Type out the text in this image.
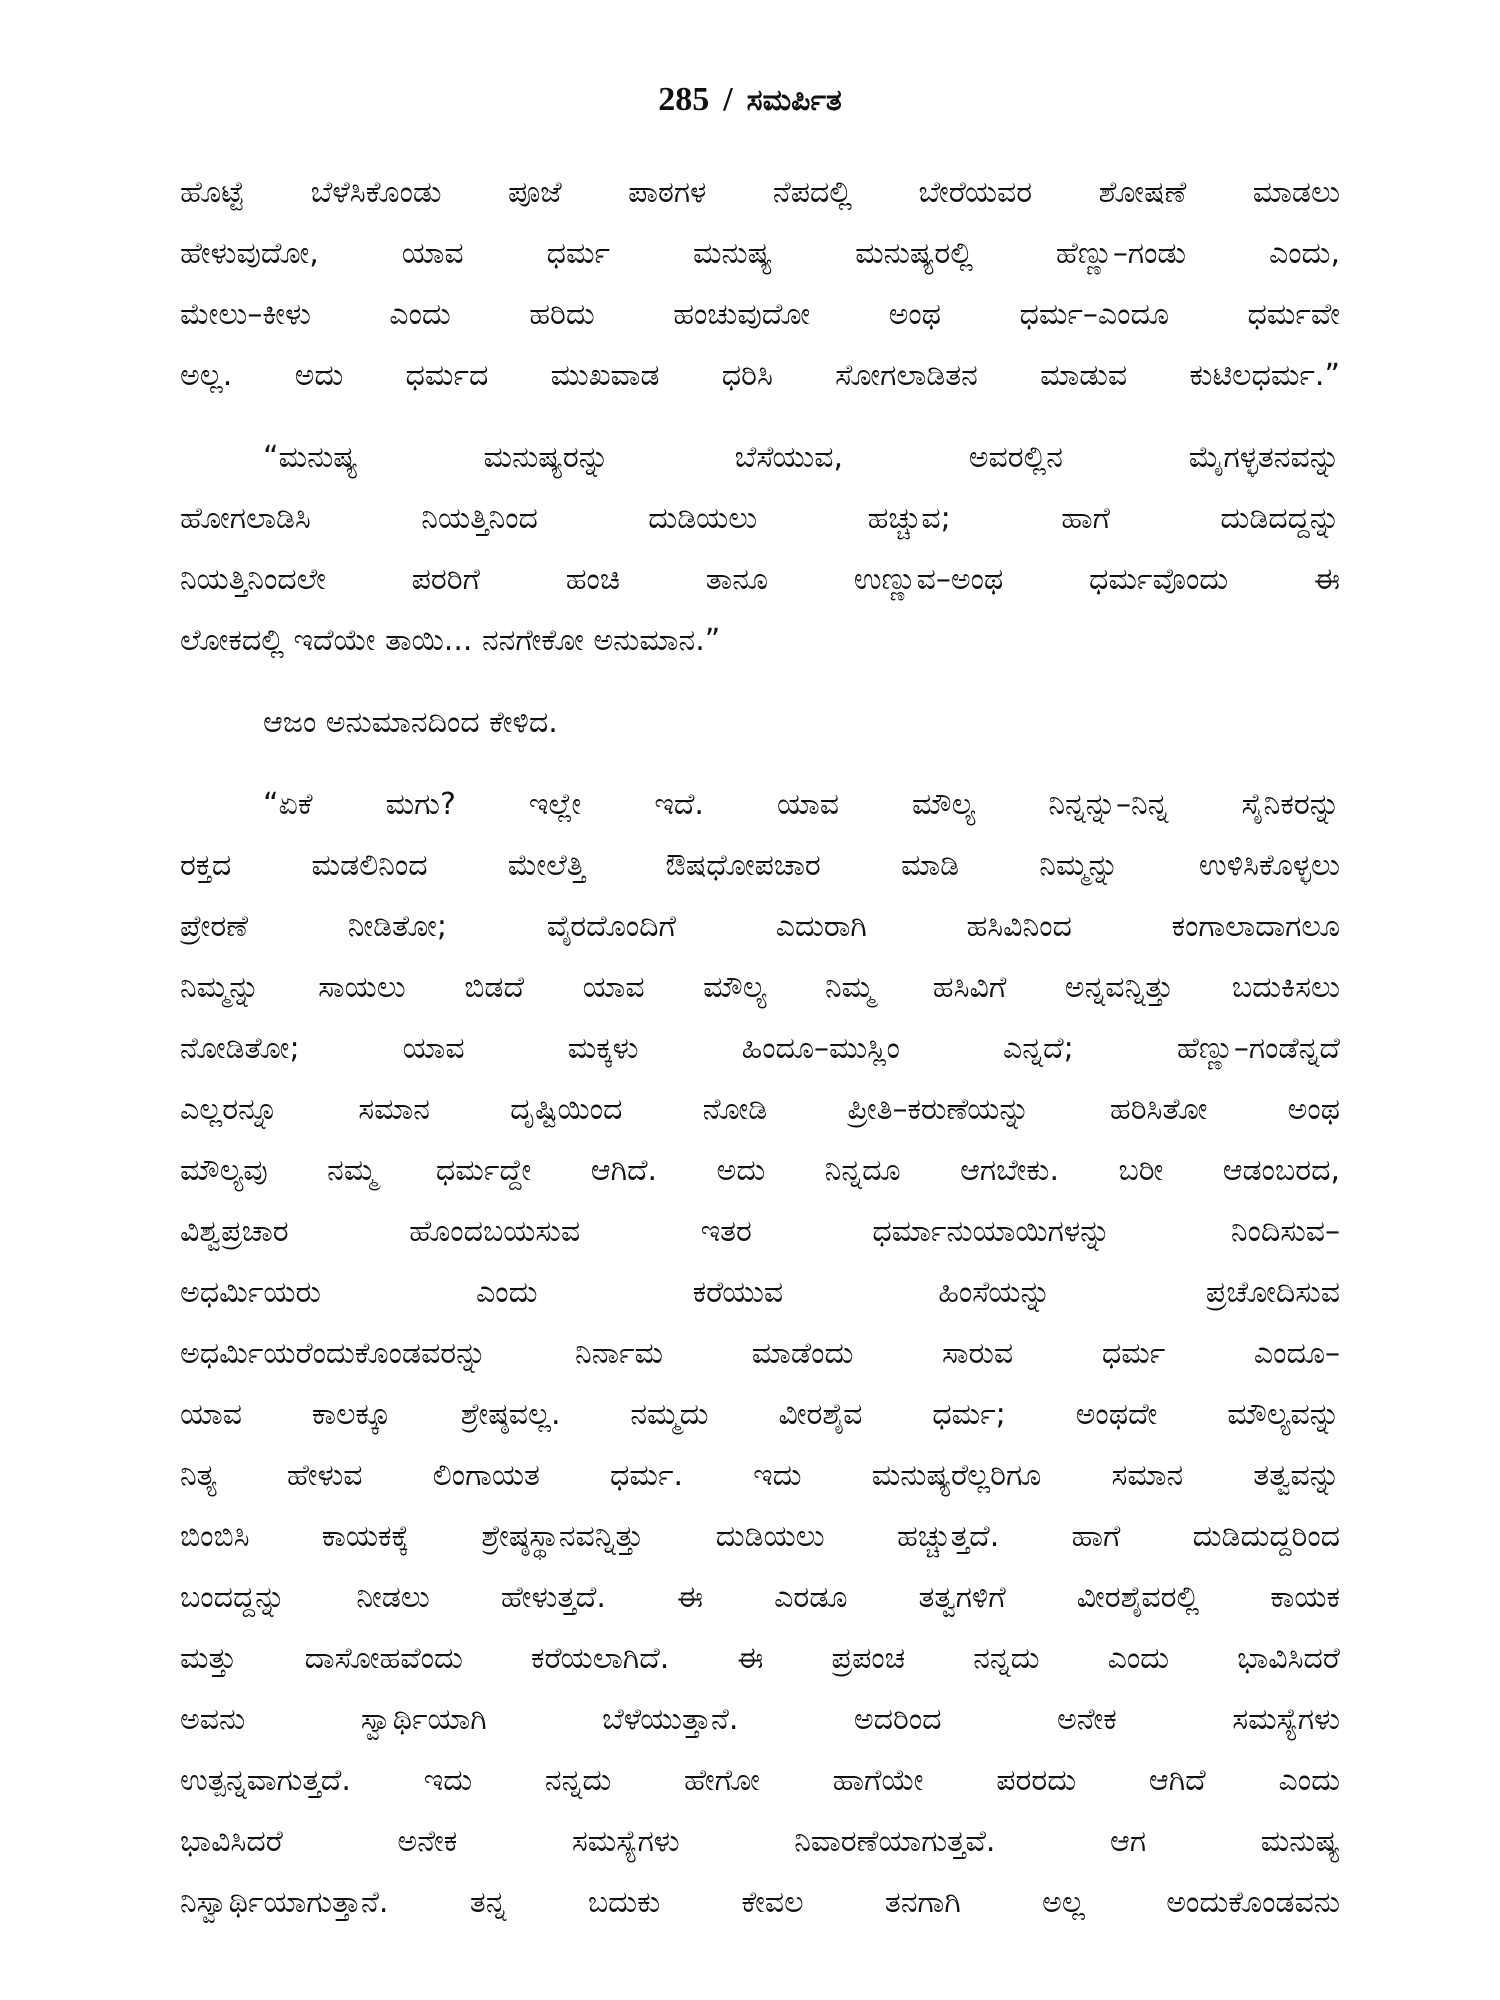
285 / ಸಮರ್ಪಿತ
ಹೊಟ್ಟೆ ಬೆಳೆಸಿಕೊಂಡು ಪೂಜೆ ಪಾಠಗಳ ನೆಪದಲ್ಲಿ ಬೇರೆಯವರ ಶೋಷಣೆ ಮಾಡಲು
ಹೇಳುವುದೋ, ಯಾವ ಧರ್ಮ ಮನುಷ್ಯ ಮನುಷ್ಯರಲ್ಲಿ ಹೆಣ್ಣು–ಗಂಡು ಎಂದು,
ಮೇಲು–ಕೀಳು ಎಂದು ಹರಿದು ಹಂಚುವುದೋ ಅಂಥ ಧರ್ಮ–ಎಂದೂ ಧರ್ಮವೇ
ಅಲ್ಲ. ಅದು ಧರ್ಮದ ಮುಖವಾಡ ಧರಿಸಿ ಸೋಗಲಾಡಿತನ ಮಾಡುವ ಕುಟಿಲಧರ್ಮ.”
“ಮನುಷ್ಯ ಮನುಷ್ಯರನ್ನು ಬೆಸೆಯುವ, ಅವರಲ್ಲಿನ ಮೈಗಳ್ಳತನವನ್ನು
ಹೋಗಲಾಡಿಸಿ ನಿಯತ್ತಿನಿಂದ ದುಡಿಯಲು ಹಚ್ಚುವ; ಹಾಗೆ ದುಡಿದದ್ದನ್ನು
ನಿಯತ್ತಿನಿಂದಲೇ ಪರರಿಗೆ ಹಂಚಿ ತಾನೂ ಉಣ್ಣುವ–ಅಂಥ ಧರ್ಮವೊಂದು ಈ
ಲೋಕದಲ್ಲಿ ಇದೆಯೇ ತಾಯಿ... ನನಗೇಕೋ ಅನುಮಾನ.”
ಆಜಂ ಅನುಮಾನದಿಂದ ಕೇಳಿದ.
“ಏಕೆ ಮಗು? ಇಲ್ಲೇ ಇದೆ. ಯಾವ ಮೌಲ್ಯ ನಿನ್ನನ್ನು–ನಿನ್ನ ಸೈನಿಕರನ್ನು
ರಕ್ತದ ಮಡಲಿನಿಂದ ಮೇಲೆತ್ತಿ ಔಷಧೋಪಚಾರ ಮಾಡಿ ನಿಮ್ಮನ್ನು ಉಳಿಸಿಕೊಳ್ಳಲು
ಪ್ರೇರಣೆ ನೀಡಿತೋ; ವೈರದೊಂದಿಗೆ ಎದುರಾಗಿ ಹಸಿವಿನಿಂದ ಕಂಗಾಲಾದಾಗಲೂ
ನಿಮ್ಮನ್ನು ಸಾಯಲು ಬಿಡದೆ ಯಾವ ಮೌಲ್ಯ ನಿಮ್ಮ ಹಸಿವಿಗೆ ಅನ್ನವನ್ನಿತ್ತು ಬದುಕಿಸಲು
ನೋಡಿತೋ; ಯಾವ ಮಕ್ಕಳು ಹಿಂದೂ–ಮುಸ್ಲಿಂ ಎನ್ನದೆ; ಹೆಣ್ಣು–ಗಂಡೆನ್ನದೆ
ಎಲ್ಲರನ್ನೂ ಸಮಾನ ದೃಷ್ಟಿಯಿಂದ ನೋಡಿ ಪ್ರೀತಿ–ಕರುಣೆಯನ್ನು ಹರಿಸಿತೋ ಅಂಥ
ಮೌಲ್ಯವು ನಮ್ಮ ಧರ್ಮದ್ದೇ ಆಗಿದೆ. ಅದು ನಿನ್ನದೂ ಆಗಬೇಕು. ಬರೀ ಆಡಂಬರದ,
ವಿಶ್ವಪ್ರಚಾರ ಹೊಂದಬಯಸುವ ಇತರ ಧರ್ಮಾನುಯಾಯಿಗಳನ್ನು ನಿಂದಿಸುವ–
ಅಧರ್ಮಿಯರು ಎಂದು ಕರೆಯುವ ಹಿಂಸೆಯನ್ನು ಪ್ರಚೋದಿಸುವ
ಅಧರ್ಮಿಯರೆಂದುಕೊಂಡವರನ್ನು ನಿರ್ನಾಮ ಮಾಡೆಂದು ಸಾರುವ ಧರ್ಮ ಎಂದೂ–
ಯಾವ ಕಾಲಕ್ಕೂ ಶ್ರೇಷ್ಠವಲ್ಲ. ನಮ್ಮದು ವೀರಶೈವ ಧರ್ಮ; ಅಂಥದೇ ಮೌಲ್ಯವನ್ನು
ನಿತ್ಯ ಹೇಳುವ ಲಿಂಗಾಯತ ಧರ್ಮ. ಇದು ಮನುಷ್ಯರೆಲ್ಲರಿಗೂ ಸಮಾನ ತತ್ವವನ್ನು
ಬಿಂಬಿಸಿ ಕಾಯಕಕ್ಕೆ ಶ್ರೇಷ್ಠಸ್ಥಾನವನ್ನಿತ್ತು ದುಡಿಯಲು ಹಚ್ಚುತ್ತದೆ. ಹಾಗೆ ದುಡಿದುದ್ದರಿಂದ
ಬಂದದ್ದನ್ನು ನೀಡಲು ಹೇಳುತ್ತದೆ. ಈ ಎರಡೂ ತತ್ವಗಳಿಗೆ ವೀರಶೈವರಲ್ಲಿ ಕಾಯಕ
ಮತ್ತು ದಾಸೋಹವೆಂದು ಕರೆಯಲಾಗಿದೆ. ಈ ಪ್ರಪಂಚ ನನ್ನದು ಎಂದು ಭಾವಿಸಿದರೆ
ಅವನು ಸ್ವಾರ್ಥಿಯಾಗಿ ಬೆಳೆಯುತ್ತಾನೆ. ಅದರಿಂದ ಅನೇಕ ಸಮಸ್ಯೆಗಳು
ಉತ್ಪನ್ನವಾಗುತ್ತದೆ. ಇದು ನನ್ನದು ಹೇಗೋ ಹಾಗೆಯೇ ಪರರದು ಆಗಿದೆ ಎಂದು
ಭಾವಿಸಿದರೆ ಅನೇಕ ಸಮಸ್ಯೆಗಳು ನಿವಾರಣೆಯಾಗುತ್ತವೆ. ಆಗ ಮನುಷ್ಯ
ನಿಸ್ವಾರ್ಥಿಯಾಗುತ್ತಾನೆ. ತನ್ನ ಬದುಕು ಕೇವಲ ತನಗಾಗಿ ಅಲ್ಲ ಅಂದುಕೊಂಡವನು
